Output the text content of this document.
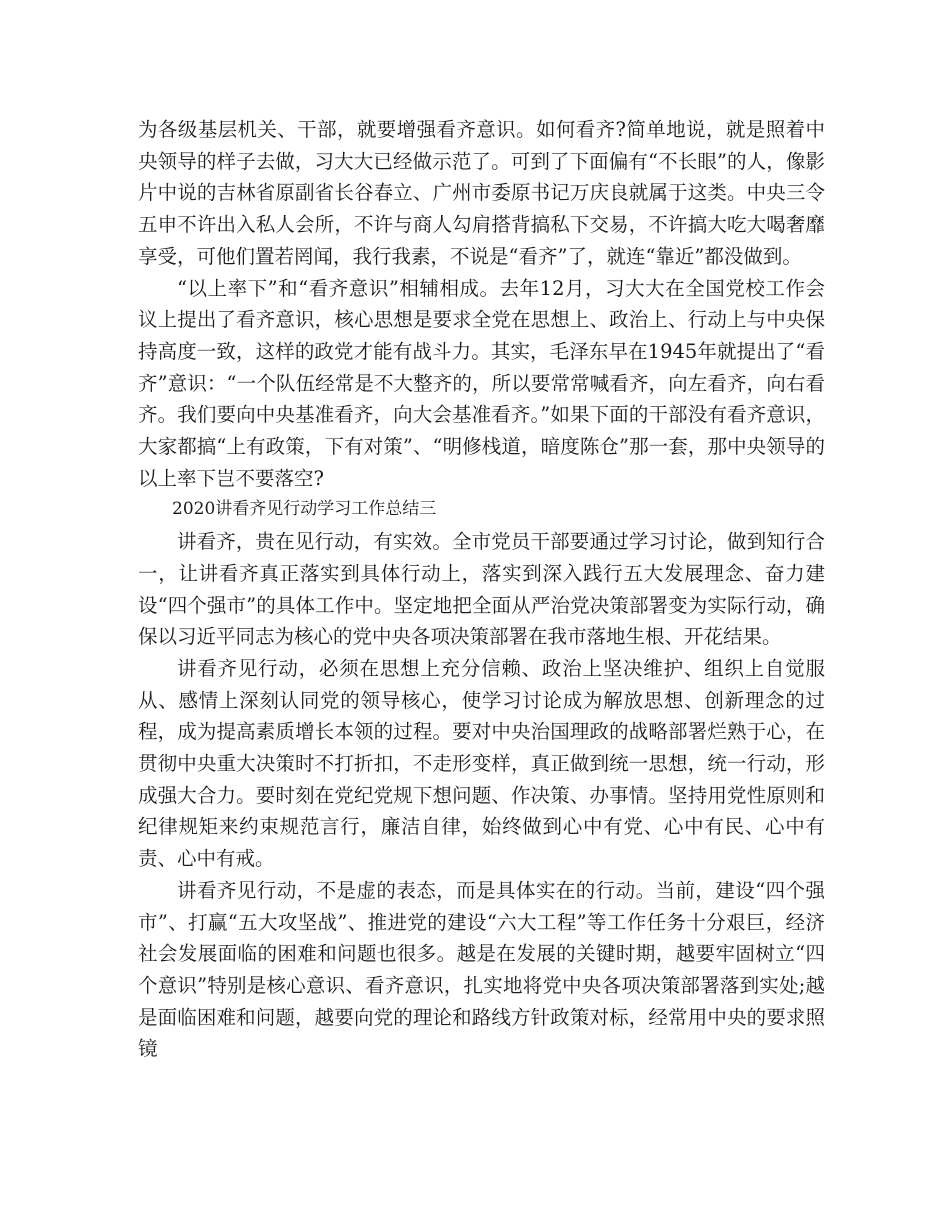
为各级基层机关、干部，就要增强看齐意识。如何看齐?简单地说，就是照着中央领导的样子去做，习大大已经做示范了。可到了下面偏有“不长眼”的人，像影片中说的吉林省原副省长谷春立、广州市委原书记万庆良就属于这类。中央三令五申不许出入私人会所，不许与商人勾肩搭背搞私下交易，不许搞大吃大喝奢靡享受，可他们置若罔闻，我行我素，不说是“看齐”了，就连“靠近”都没做到。

“以上率下”和“看齐意识”相辅相成。去年12月，习大大在全国党校工作会议上提出了看齐意识，核心思想是要求全党在思想上、政治上、行动上与中央保持高度一致，这样的政党才能有战斗力。其实，毛泽东早在1945年就提出了“看齐”意识：“一个队伍经常是不大整齐的，所以要常常喊看齐，向左看齐，向右看齐。我们要向中央基准看齐，向大会基准看齐。”如果下面的干部没有看齐意识，大家都搞“上有政策，下有对策”、“明修栈道，暗度陈仓”那一套，那中央领导的以上率下岂不要落空?

2020讲看齐见行动学习工作总结三

讲看齐，贵在见行动，有实效。全市党员干部要通过学习讨论，做到知行合一，让讲看齐真正落实到具体行动上，落实到深入践行五大发展理念、奋力建设“四个强市”的具体工作中。坚定地把全面从严治党决策部署变为实际行动，确保以习近平同志为核心的党中央各项决策部署在我市落地生根、开花结果。

讲看齐见行动，必须在思想上充分信赖、政治上坚决维护、组织上自觉服从、感情上深刻认同党的领导核心，使学习讨论成为解放思想、创新理念的过程，成为提高素质增长本领的过程。要对中央治国理政的战略部署烂熟于心，在贯彻中央重大决策时不打折扣，不走形变样，真正做到统一思想，统一行动，形成强大合力。要时刻在党纪党规下想问题、作决策、办事情。坚持用党性原则和纪律规矩来约束规范言行，廉洁自律，始终做到心中有党、心中有民、心中有责、心中有戒。

讲看齐见行动，不是虚的表态，而是具体实在的行动。当前，建设“四个强市”、打赢“五大攻坚战”、推进党的建设“六大工程”等工作任务十分艰巨，经济社会发展面临的困难和问题也很多。越是在发展的关键时期，越要牢固树立“四个意识”特别是核心意识、看齐意识，扎实地将党中央各项决策部署落到实处;越是面临困难和问题，越要向党的理论和路线方针政策对标，经常用中央的要求照镜
